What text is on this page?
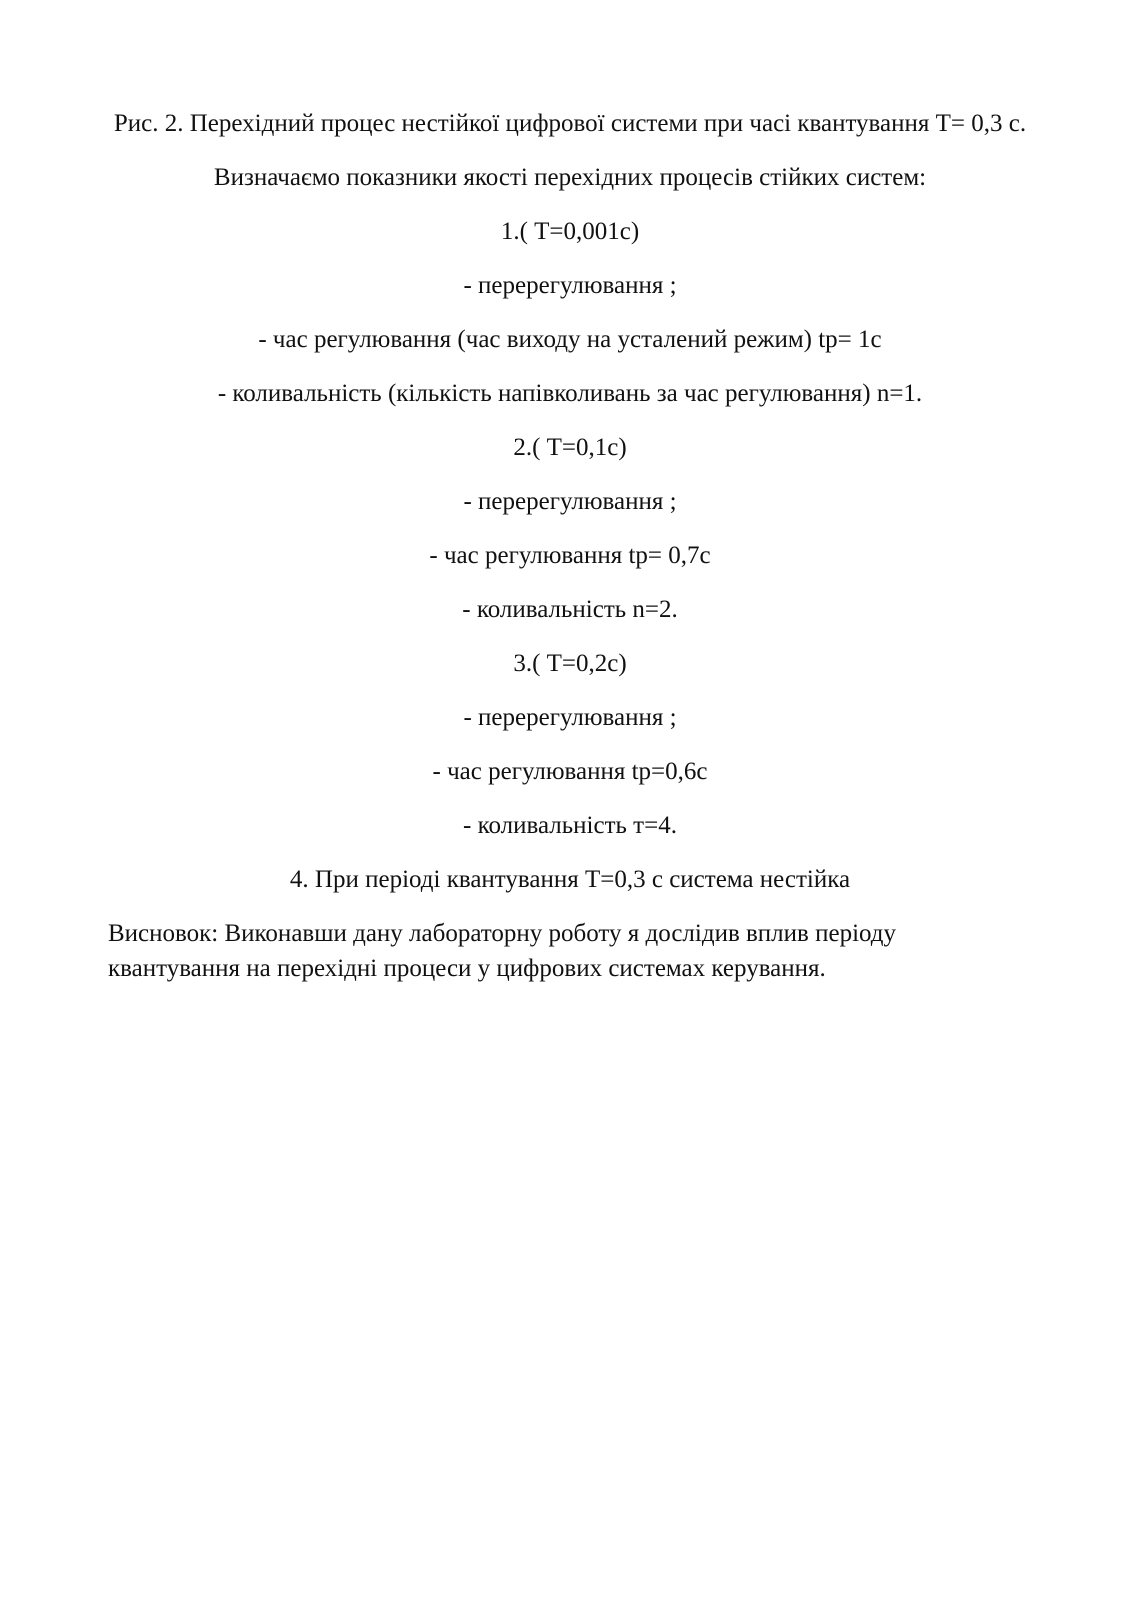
Рис. 2. Перехідний процес нестійкої цифрової системи при часі квантування Т= 0,3 с.

Визначаємо показники якості перехідних процесів стійких систем:

1.( Т=0,001с)

- перерегулювання ;

- час регулювання (час виходу на усталений режим) tр= 1с

- коливальність (кількість напівколивань за час регулювання) n=1.

2.( Т=0,1с)

- перерегулювання ;

- час регулювання tр= 0,7с

- коливальність n=2.

3.( Т=0,2с)

- перерегулювання ;

- час регулювання tр=0,6с

- коливальність т=4.

4. При періоді квантування Т=0,3 с система нестійка

Висновок: Виконавши дану лабораторну роботу я дослідив вплив періоду квантування на перехідні процеси у цифрових системах керування.
